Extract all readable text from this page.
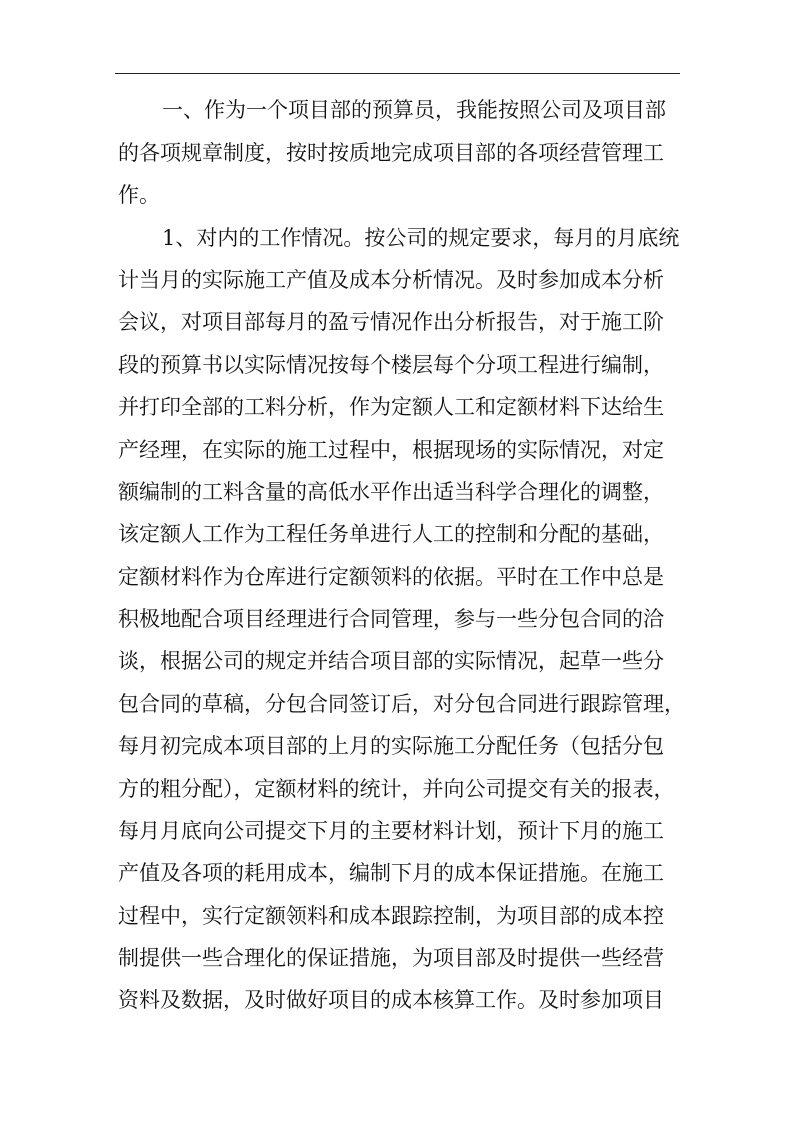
一、作为一个项目部的预算员，我能按照公司及项目部
的各项规章制度，按时按质地完成项目部的各项经营管理工
作。
1、对内的工作情况。按公司的规定要求，每月的月底统
计当月的实际施工产值及成本分析情况。及时参加成本分析
会议，对项目部每月的盈亏情况作出分析报告，对于施工阶
段的预算书以实际情况按每个楼层每个分项工程进行编制，
并打印全部的工料分析，作为定额人工和定额材料下达给生
产经理，在实际的施工过程中，根据现场的实际情况，对定
额编制的工料含量的高低水平作出适当科学合理化的调整，
该定额人工作为工程任务单进行人工的控制和分配的基础，
定额材料作为仓库进行定额领料的依据。平时在工作中总是
积极地配合项目经理进行合同管理，参与一些分包合同的洽
谈，根据公司的规定并结合项目部的实际情况，起草一些分
包合同的草稿，分包合同签订后，对分包合同进行跟踪管理，
每月初完成本项目部的上月的实际施工分配任务（包括分包
方的粗分配），定额材料的统计，并向公司提交有关的报表，
每月月底向公司提交下月的主要材料计划，预计下月的施工
产值及各项的耗用成本，编制下月的成本保证措施。在施工
过程中，实行定额领料和成本跟踪控制，为项目部的成本控
制提供一些合理化的保证措施，为项目部及时提供一些经营
资料及数据，及时做好项目的成本核算工作。及时参加项目
